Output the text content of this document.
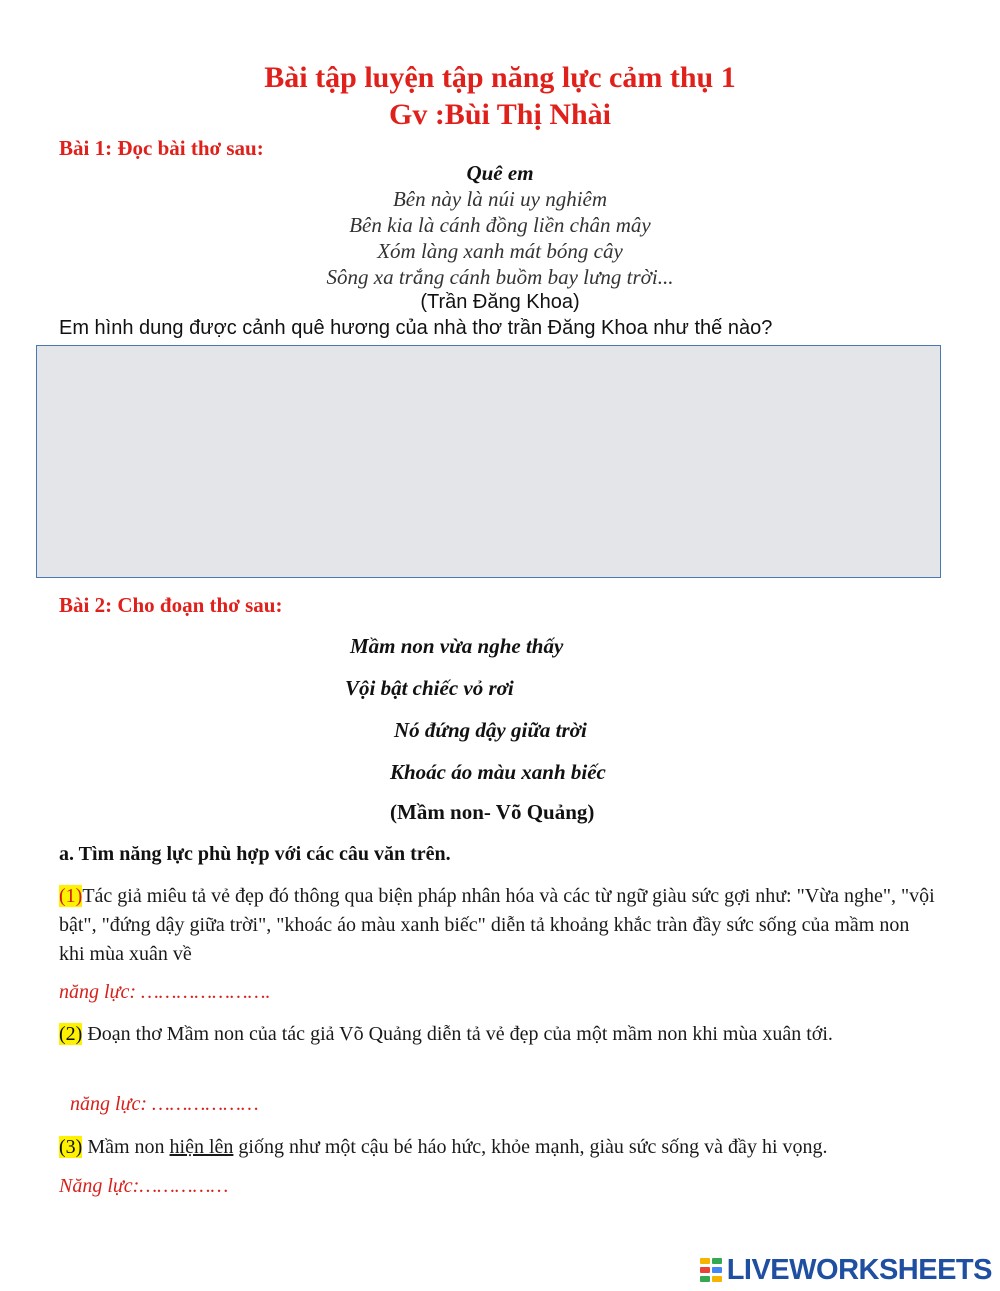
Bài tập luyện tập năng lực cảm thụ 1
Gv :Bùi Thị Nhài
Bài 1: Đọc bài thơ sau:
Quê em
Bên này là núi uy nghiêm
Bên kia là cánh đồng liền chân mây
Xóm làng xanh mát bóng cây
Sông xa trắng cánh buồm bay lưng trời...
(Trần Đăng Khoa)
Em hình dung được cảnh quê hương của nhà thơ trần Đăng Khoa như thế nào?
Bài 2: Cho đoạn thơ sau:
Mầm non vừa nghe thấy
Vội bật chiếc vỏ rơi
Nó đứng dậy giữa trời
Khoác áo màu xanh biếc
(Mầm non- Võ Quảng)
a. Tìm năng lực phù hợp với các câu văn trên.
(1)Tác giả miêu tả vẻ đẹp đó thông qua biện pháp nhân hóa và các từ ngữ giàu sức gợi như: "Vừa nghe", "vội bật", "đứng dậy giữa trời", "khoác áo màu xanh biếc" diễn tả khoảng khắc tràn đầy sức sống của mầm non khi mùa xuân về
năng lực: ………………….
(2) Đoạn thơ Mầm non của tác giả Võ Quảng diễn tả vẻ đẹp của một mầm non khi mùa xuân tới.
năng lực: ………………
(3) Mầm non hiện lên giống như một cậu bé háo hức, khỏe mạnh, giàu sức sống và đầy hi vọng.
Năng lực:……………
LIVEWORKSHEETS
